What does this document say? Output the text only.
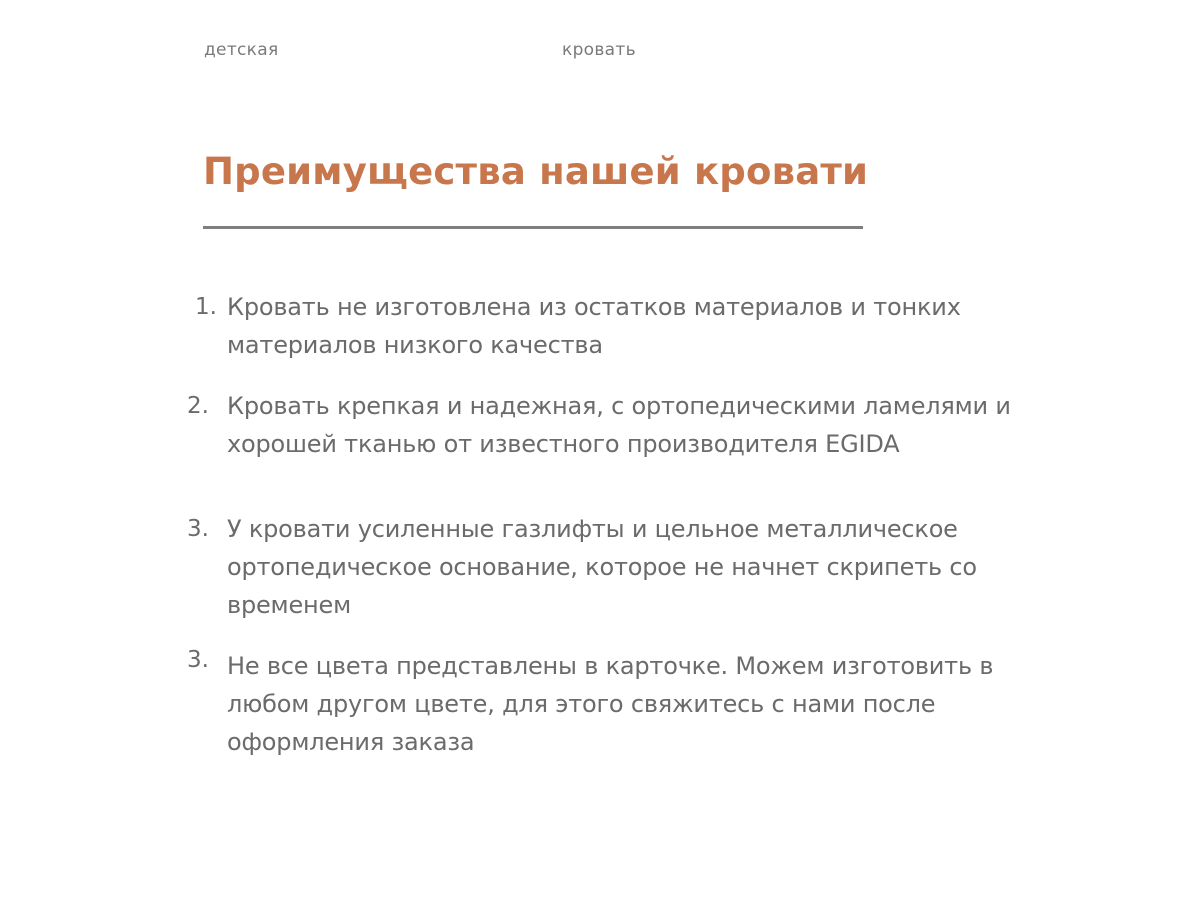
детская	кровать
Преимущества нашей кровати
1. Кровать не изготовлена из остатков материалов и тонких материалов низкого качества
2. Кровать крепкая и надежная, с ортопедическими ламелями и хорошей тканью от известного производителя EGIDA
3. У кровати усиленные газлифты и цельное металлическое ортопедическое основание, которое не начнет скрипеть со временем
3. Не все цвета представлены в карточке. Можем изготовить в любом другом цвете, для этого свяжитесь с нами после оформления заказа
